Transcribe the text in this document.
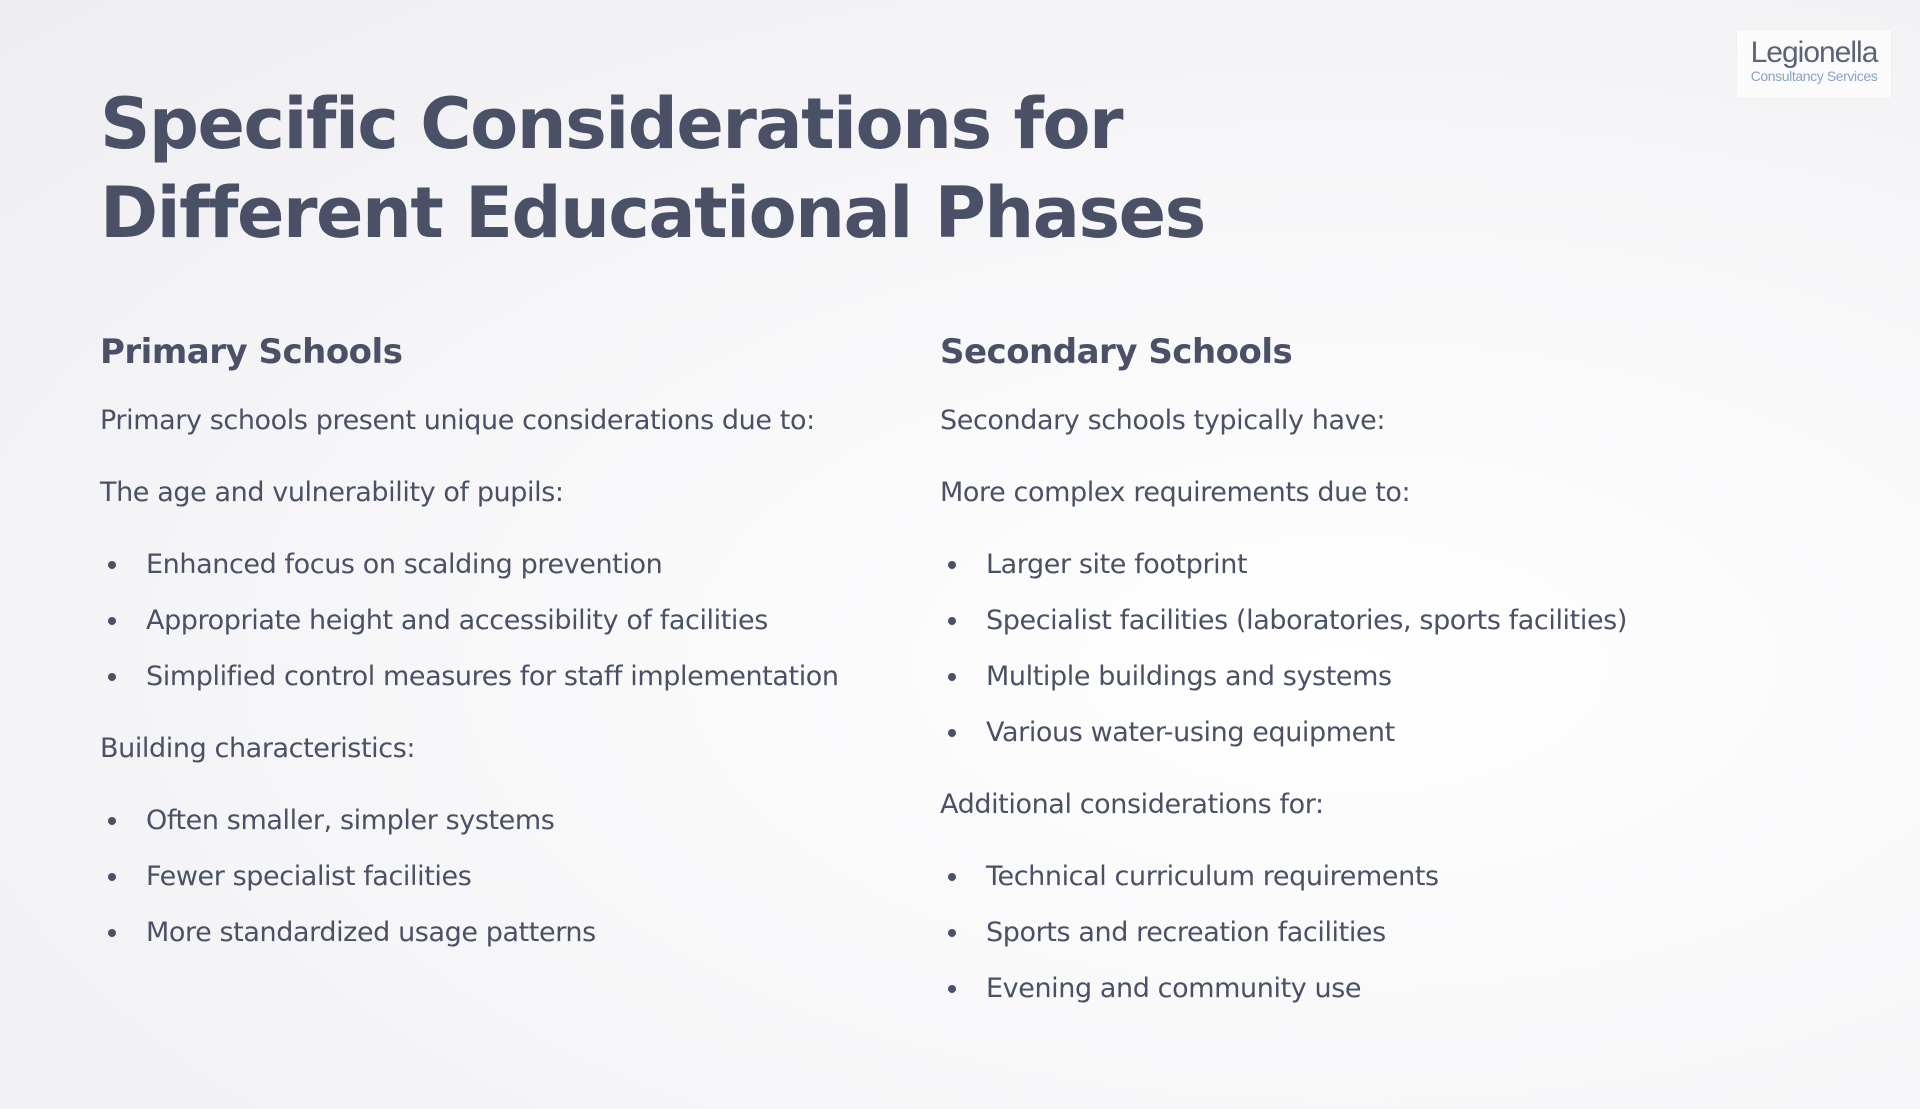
Legionella
Consultancy Services
Specific Considerations for Different Educational Phases
Primary Schools

Primary schools present unique considerations due to:

The age and vulnerability of pupils:

Enhanced focus on scalding prevention
Appropriate height and accessibility of facilities
Simplified control measures for staff implementation

Building characteristics:

Often smaller, simpler systems
Fewer specialist facilities
More standardized usage patterns
Secondary Schools

Secondary schools typically have:

More complex requirements due to:

Larger site footprint
Specialist facilities (laboratories, sports facilities)
Multiple buildings and systems
Various water-using equipment

Additional considerations for:

Technical curriculum requirements
Sports and recreation facilities
Evening and community use
